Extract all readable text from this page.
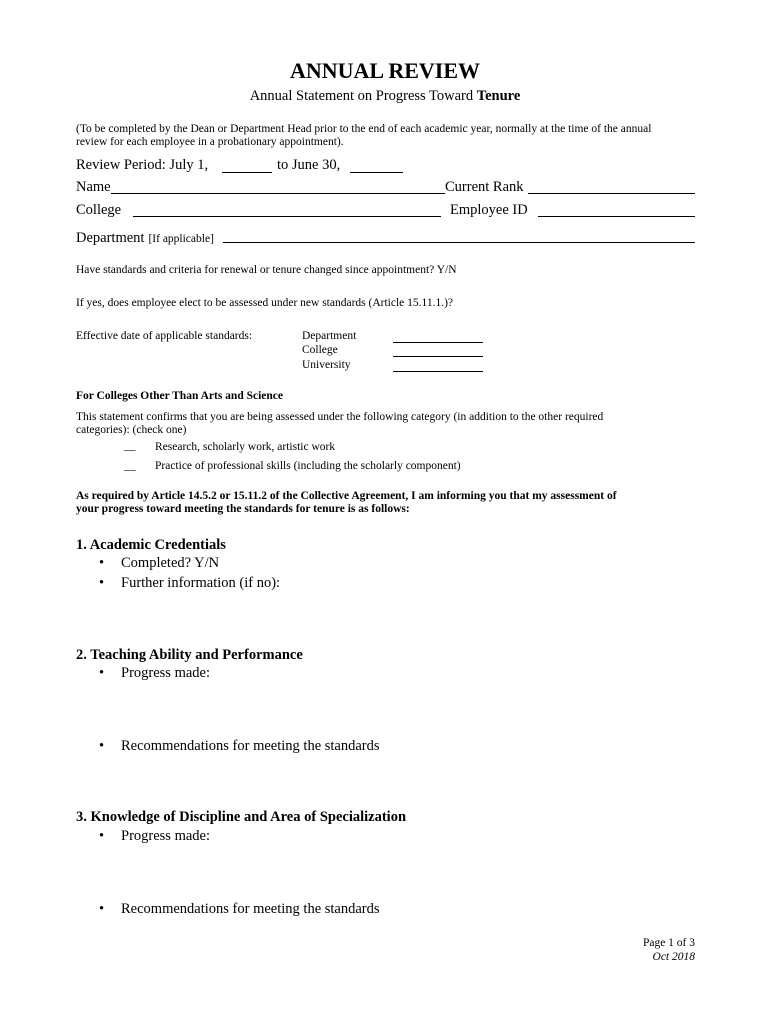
ANNUAL REVIEW
Annual Statement on Progress Toward Tenure
(To be completed by the Dean or Department Head prior to the end of each academic year, normally at the time of the annual
review for each employee in a probationary appointment).
Review Period: July 1,	to June 30,
Name	Current Rank
College	Employee ID
Department [If applicable]
Have standards and criteria for renewal or tenure changed since appointment? Y/N
If yes, does employee elect to be assessed under new standards (Article 15.11.1.)?
Effective date of applicable standards:	Department
College
University
For Colleges Other Than Arts and Science
This statement confirms that you are being assessed under the following category (in addition to the other required
categories): (check one)
__ Research, scholarly work, artistic work
__ Practice of professional skills (including the scholarly component)
As required by Article 14.5.2 or 15.11.2 of the Collective Agreement, I am informing you that my assessment of
your progress toward meeting the standards for tenure is as follows:
1. Academic Credentials
• Completed? Y/N
• Further information (if no):
2. Teaching Ability and Performance
• Progress made:
• Recommendations for meeting the standards
3. Knowledge of Discipline and Area of Specialization
• Progress made:
• Recommendations for meeting the standards
Page 1 of 3
Oct 2018
